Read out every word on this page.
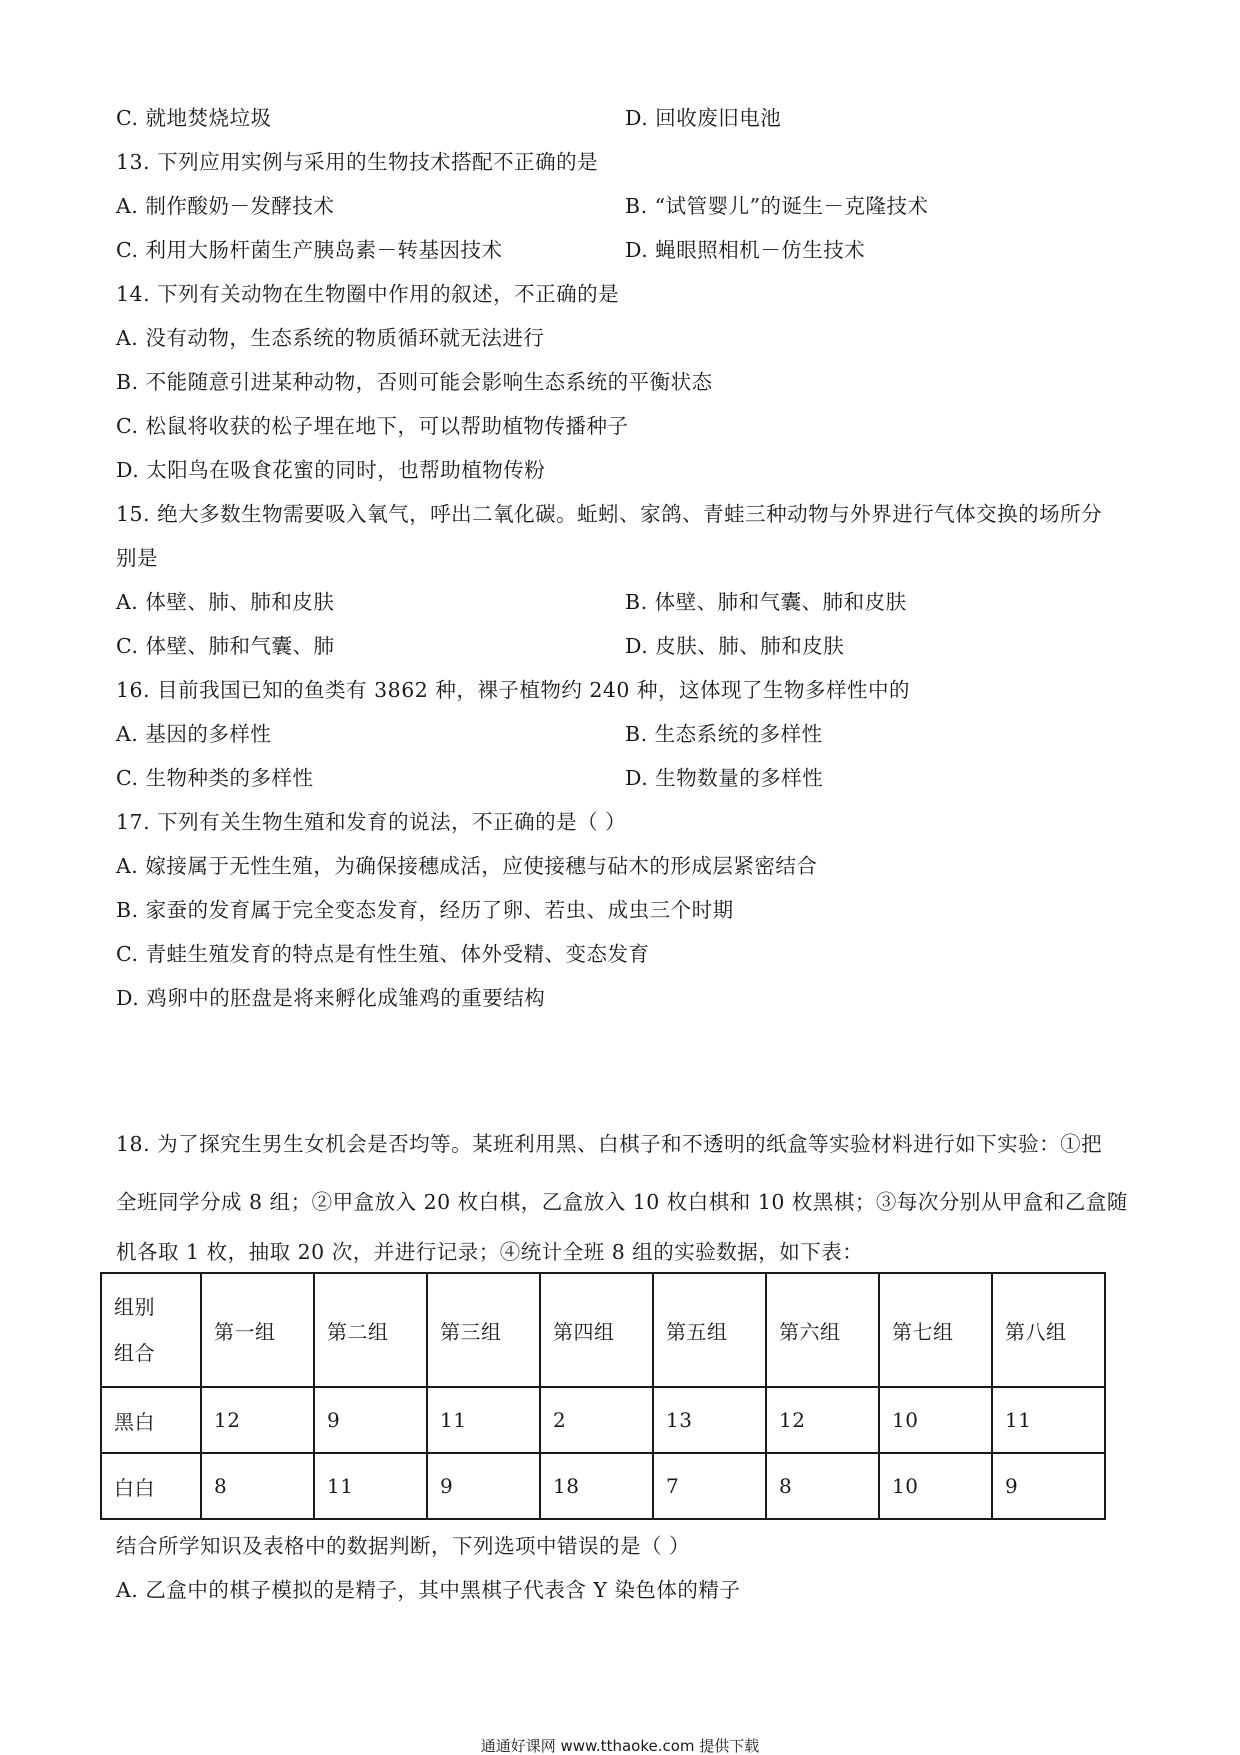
C. 就地焚烧垃圾	D. 回收废旧电池
13. 下列应用实例与采用的生物技术搭配不正确的是
A. 制作酸奶－发酵技术	B. “试管婴儿”的诞生－克隆技术
C. 利用大肠杆菌生产胰岛素－转基因技术	D. 蝇眼照相机－仿生技术
14. 下列有关动物在生物圈中作用的叙述，不正确的是
A. 没有动物，生态系统的物质循环就无法进行
B. 不能随意引进某种动物，否则可能会影响生态系统的平衡状态
C. 松鼠将收获的松子埋在地下，可以帮助植物传播种子
D. 太阳鸟在吸食花蜜的同时，也帮助植物传粉
15. 绝大多数生物需要吸入氧气，呼出二氧化碳。蚯蚓、家鸽、青蛙三种动物与外界进行气体交换的场所分
别是
A. 体壁、肺、肺和皮肤	B. 体壁、肺和气囊、肺和皮肤
C. 体壁、肺和气囊、肺	D. 皮肤、肺、肺和皮肤
16. 目前我国已知的鱼类有 3862 种，裸子植物约 240 种，这体现了生物多样性中的
A. 基因的多样性	B. 生态系统的多样性
C. 生物种类的多样性	D. 生物数量的多样性
17. 下列有关生物生殖和发育的说法，不正确的是（ ）
A. 嫁接属于无性生殖，为确保接穗成活，应使接穗与砧木的形成层紧密结合
B. 家蚕的发育属于完全变态发育，经历了卵、若虫、成虫三个时期
C. 青蛙生殖发育的特点是有性生殖、体外受精、变态发育
D. 鸡卵中的胚盘是将来孵化成雏鸡的重要结构
18. 为了探究生男生女机会是否均等。某班利用黑、白棋子和不透明的纸盒等实验材料进行如下实验：①把
全班同学分成 8 组；②甲盒放入 20 枚白棋，乙盒放入 10 枚白棋和 10 枚黑棋；③每次分别从甲盒和乙盒随
机各取 1 枚，抽取 20 次，并进行记录；④统计全班 8 组的实验数据，如下表：
组别
组合	第一组	第二组	第三组	第四组	第五组	第六组	第七组	第八组
黑白	12	9	11	2	13	12	10	11
白白	8	11	9	18	7	8	10	9
结合所学知识及表格中的数据判断，下列选项中错误的是（ ）
A. 乙盒中的棋子模拟的是精子，其中黑棋子代表含 Y 染色体的精子
通通好课网 www.tthaoke.com 提供下载
